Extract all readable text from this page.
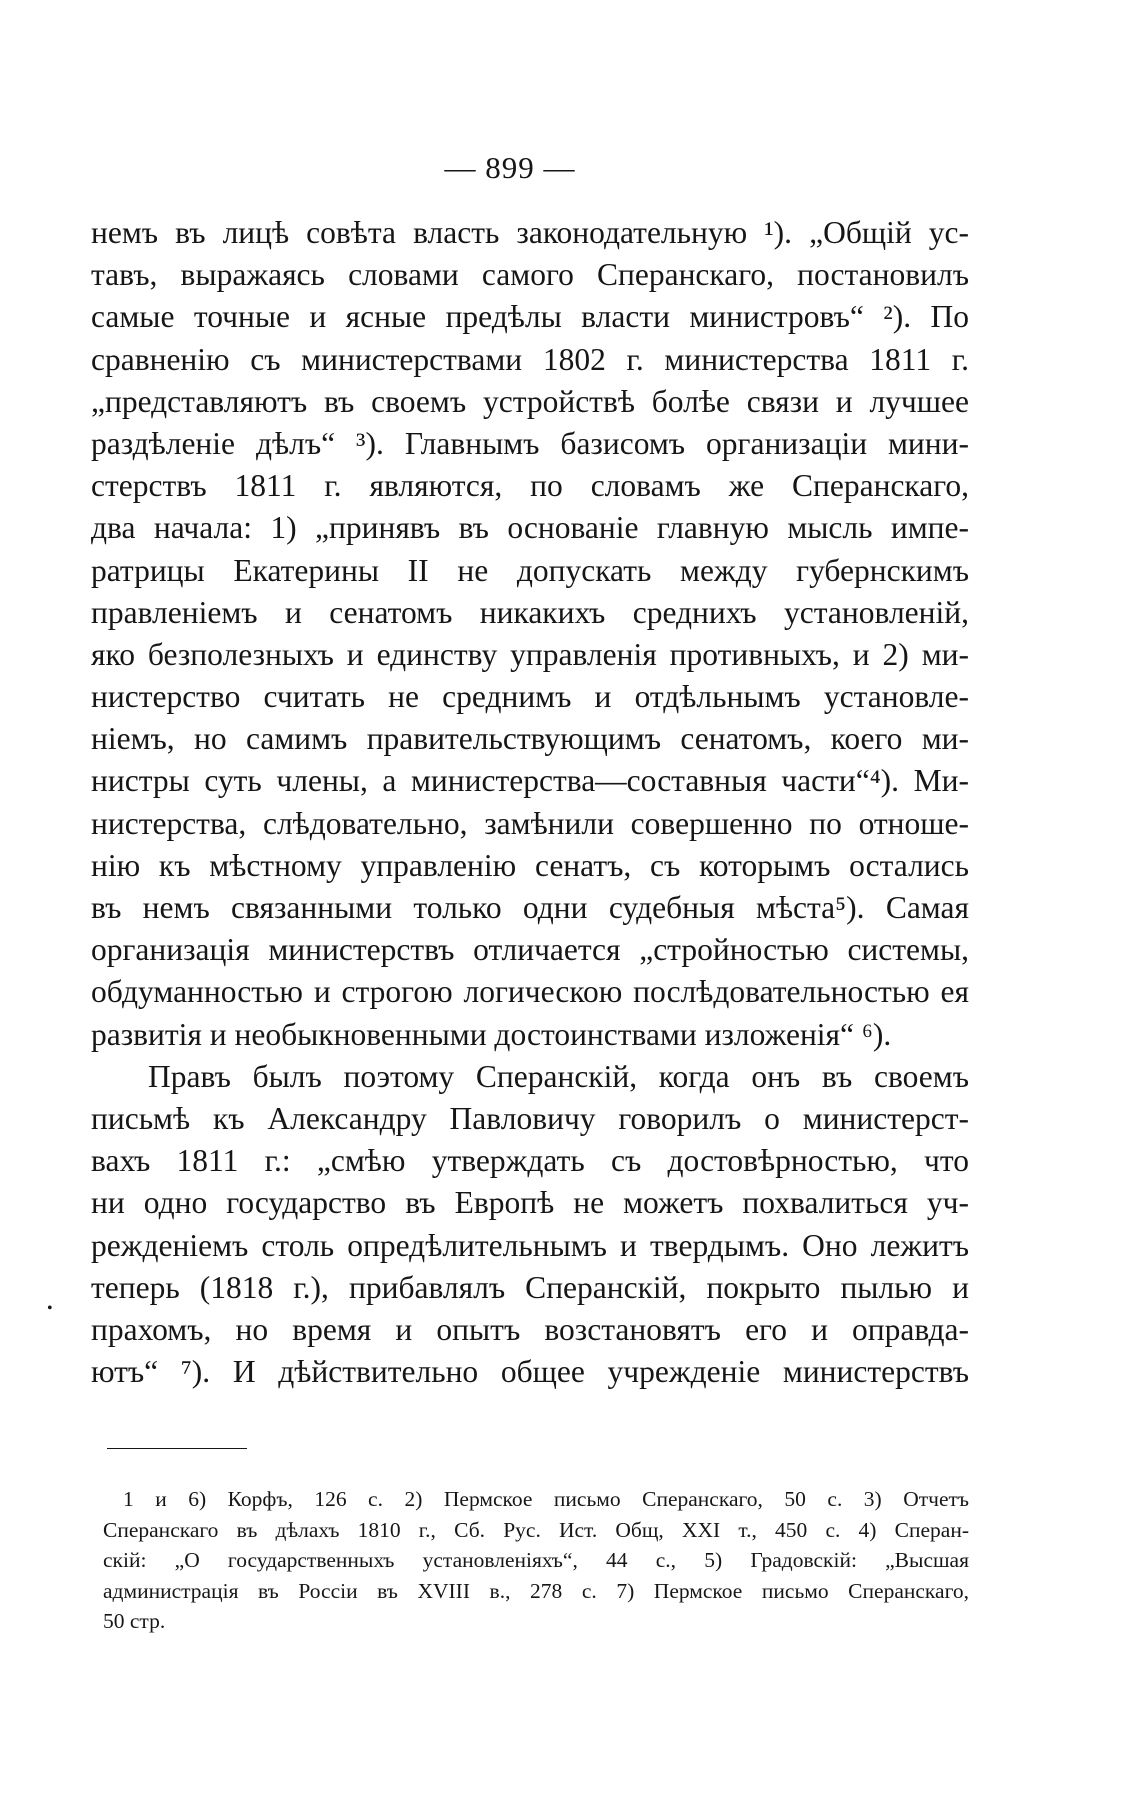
— 899 —
немъ въ лицѣ совѣта власть законодательную ¹). „Общій ус-
тавъ, выражаясь словами самого Сперанскаго, постановилъ
самые точные и ясные предѣлы власти министровъ“ ²). По
сравненію съ министерствами 1802 г. министерства 1811 г.
„представляютъ въ своемъ устройствѣ болѣе связи и лучшее
раздѣленіе дѣлъ“ ³). Главнымъ базисомъ организаціи мини-
стерствъ 1811 г. являются, по словамъ же Сперанскаго,
два начала: 1) „принявъ въ основаніе главную мысль импе-
ратрицы Екатерины II не допускать между губернскимъ
правленіемъ и сенатомъ никакихъ среднихъ установленій,
яко безполезныхъ и единству управленія противныхъ, и 2) ми-
нистерство считать не среднимъ и отдѣльнымъ установле-
ніемъ, но самимъ правительствующимъ сенатомъ, коего ми-
нистры суть члены, а министерства—составныя части“⁴). Ми-
нистерства, слѣдовательно, замѣнили совершенно по отноше-
нію къ мѣстному управленію сенатъ, съ которымъ остались
въ немъ связанными только одни судебныя мѣста⁵). Самая
организація министерствъ отличается „стройностью системы,
обдуманностью и строгою логическою послѣдовательностью ея
развитія и необыкновенными достоинствами изложенія“ ⁶).
Правъ былъ поэтому Сперанскій, когда онъ въ своемъ
письмѣ къ Александру Павловичу говорилъ о министерст-
вахъ 1811 г.: „смѣю утверждать съ достовѣрностью, что
ни одно государство въ Европѣ не можетъ похвалиться уч-
режденіемъ столь опредѣлительнымъ и твердымъ. Оно лежитъ
теперь (1818 г.), прибавлялъ Сперанскій, покрыто пылью и
прахомъ, но время и опытъ возстановятъ его и оправда-
ютъ“ ⁷). И дѣйствительно общее учрежденіе министерствъ
•
1 и 6) Корфъ, 126 с. 2) Пермское письмо Сперанскаго, 50 с. 3) Отчетъ
Сперанскаго въ дѣлахъ 1810 г., Сб. Рус. Ист. Общ, XXI т., 450 с. 4) Сперан-
скій: „О государственныхъ установленіяхъ“, 44 с., 5) Градовскій: „Высшая
администрація въ Россіи въ XVIII в., 278 с. 7) Пермское письмо Сперанскаго,
50 стр.
